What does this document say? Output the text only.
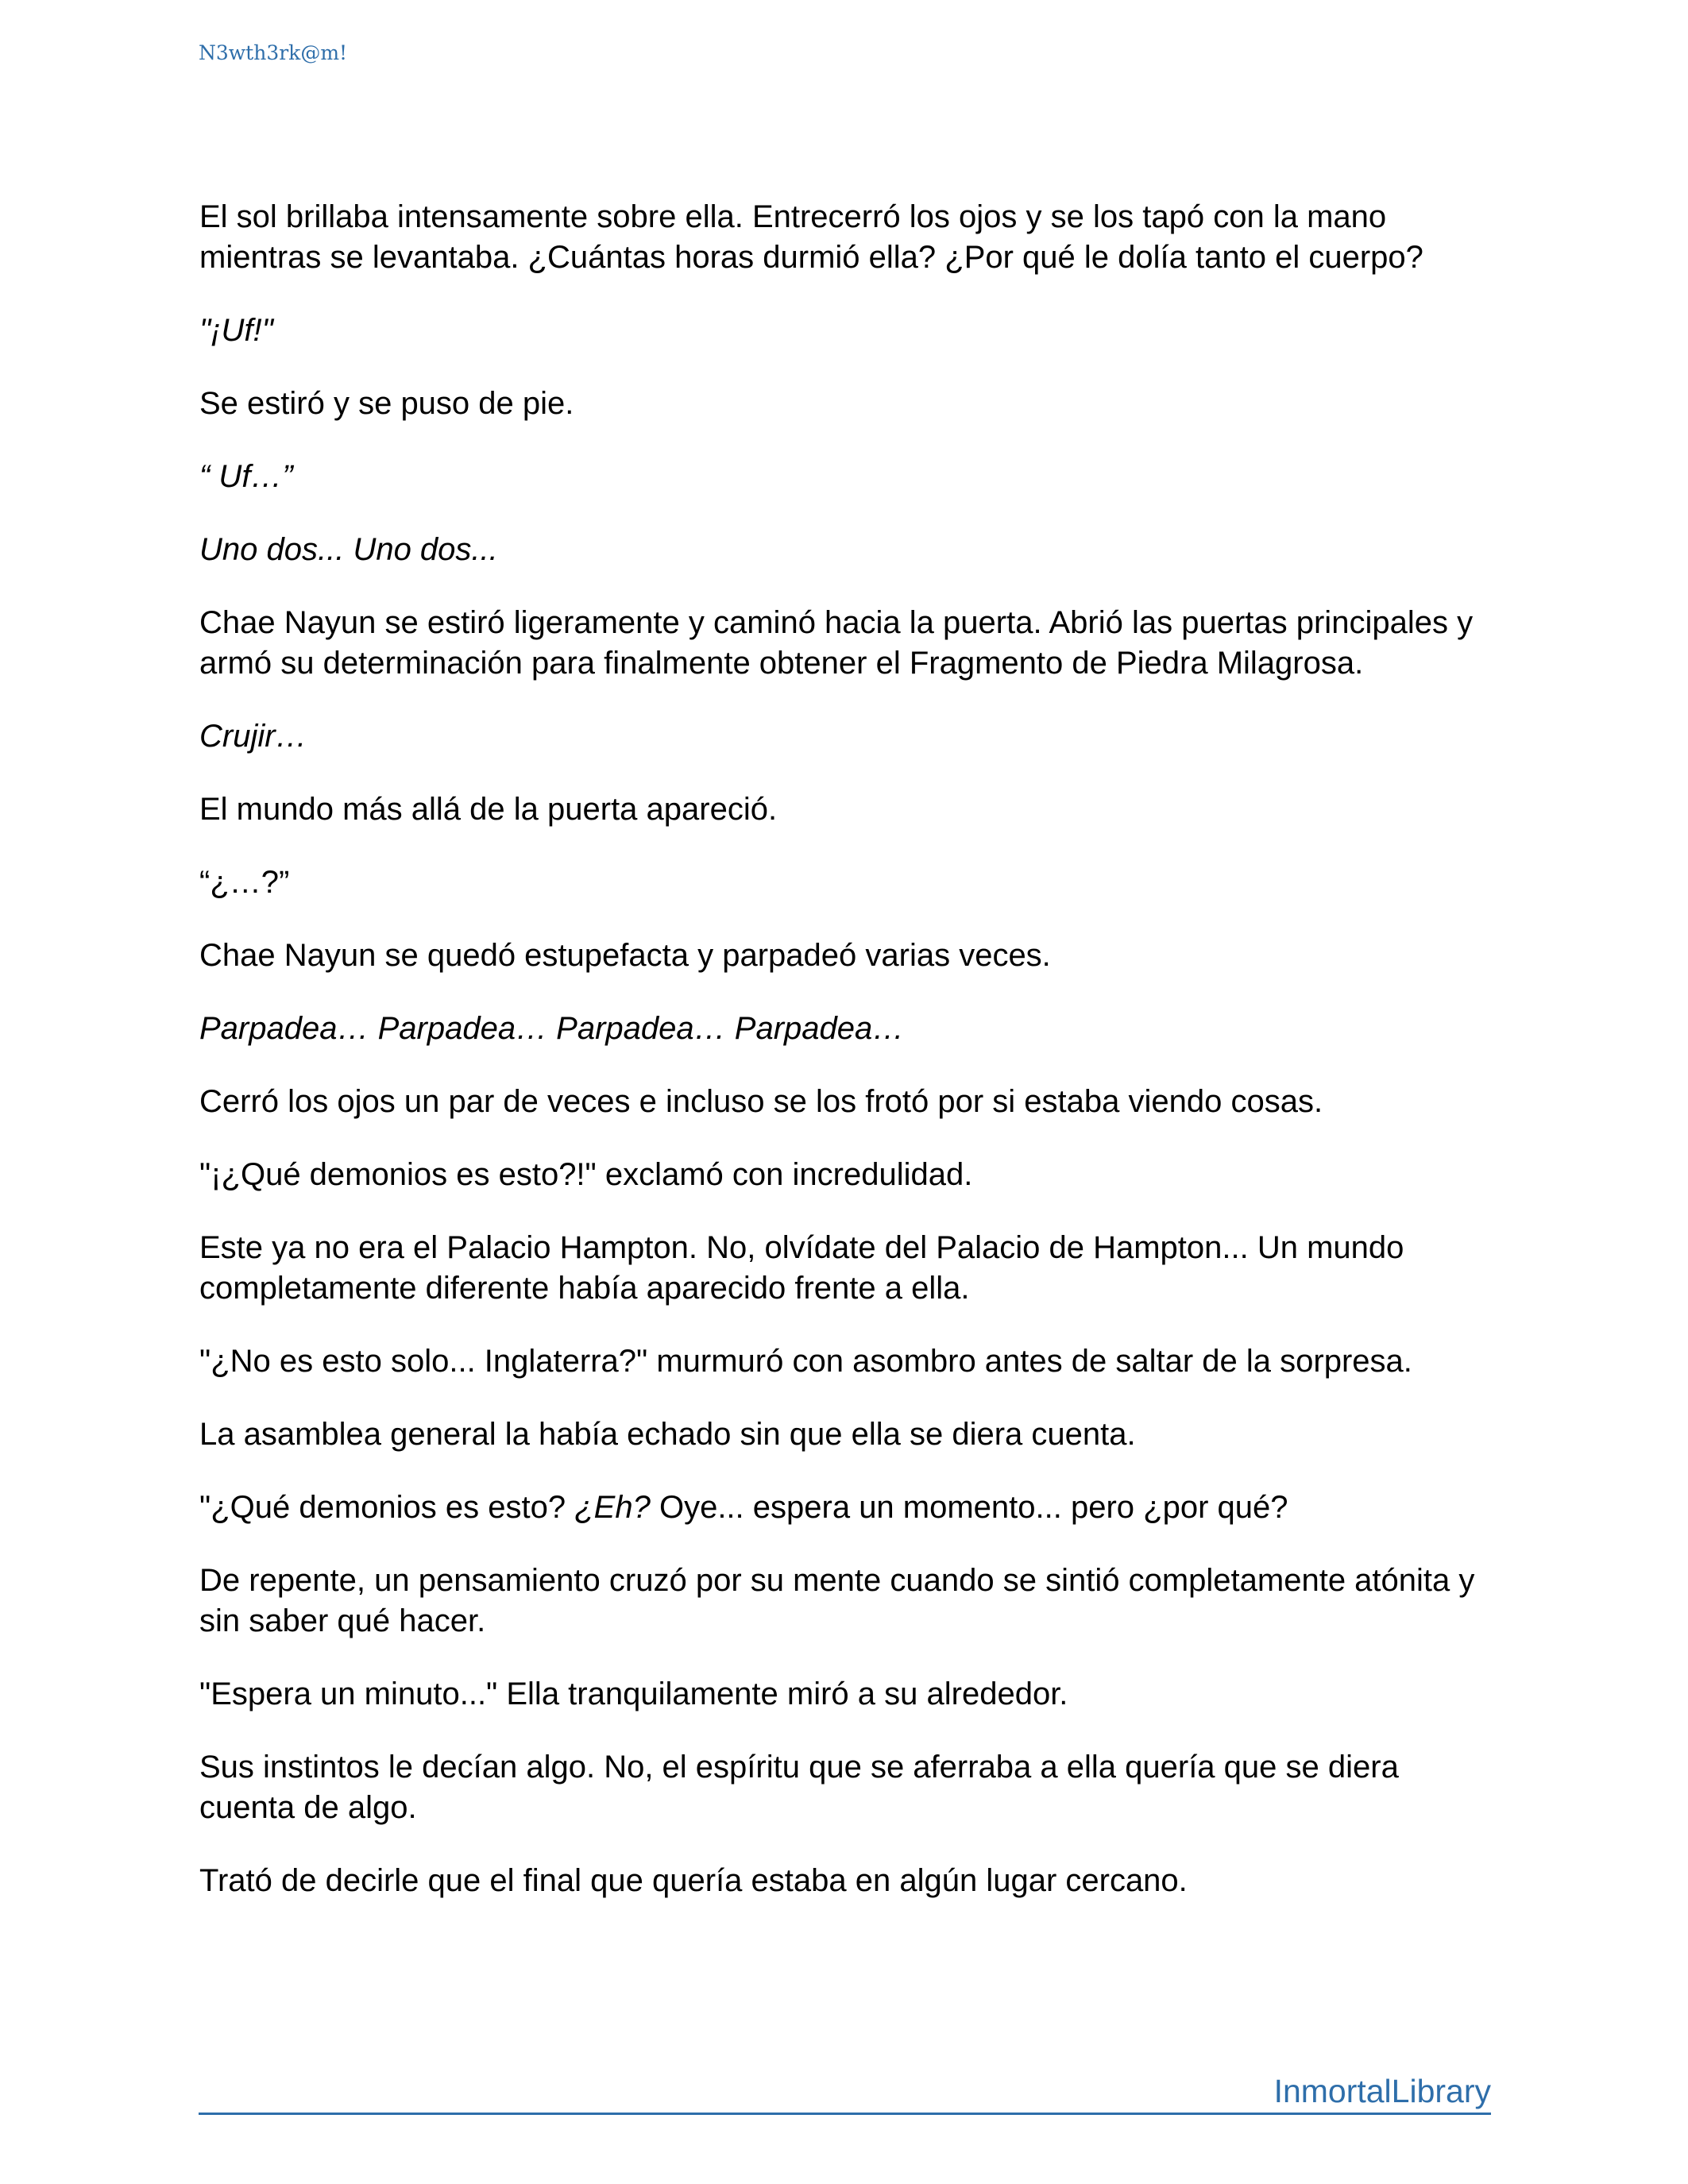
N3wth3rk@m!

El sol brillaba intensamente sobre ella. Entrecerró los ojos y se los tapó con la mano mientras se levantaba. ¿Cuántas horas durmió ella? ¿Por qué le dolía tanto el cuerpo?

"¡Uf!"

Se estiró y se puso de pie.

“ Uf…”

Uno dos... Uno dos...

Chae Nayun se estiró ligeramente y caminó hacia la puerta. Abrió las puertas principales y armó su determinación para finalmente obtener el Fragmento de Piedra Milagrosa.

Crujir…

El mundo más allá de la puerta apareció.

“¿…?”

Chae Nayun se quedó estupefacta y parpadeó varias veces.

Parpadea… Parpadea… Parpadea… Parpadea…

Cerró los ojos un par de veces e incluso se los frotó por si estaba viendo cosas.

"¡¿Qué demonios es esto?!" exclamó con incredulidad.

Este ya no era el Palacio Hampton. No, olvídate del Palacio de Hampton... Un mundo completamente diferente había aparecido frente a ella.

"¿No es esto solo... Inglaterra?" murmuró con asombro antes de saltar de la sorpresa.

La asamblea general la había echado sin que ella se diera cuenta.

"¿Qué demonios es esto? ¿Eh? Oye... espera un momento... pero ¿por qué?

De repente, un pensamiento cruzó por su mente cuando se sintió completamente atónita y sin saber qué hacer.

"Espera un minuto..." Ella tranquilamente miró a su alrededor.

Sus instintos le decían algo. No, el espíritu que se aferraba a ella quería que se diera cuenta de algo.

Trató de decirle que el final que quería estaba en algún lugar cercano.

InmortalLibrary
